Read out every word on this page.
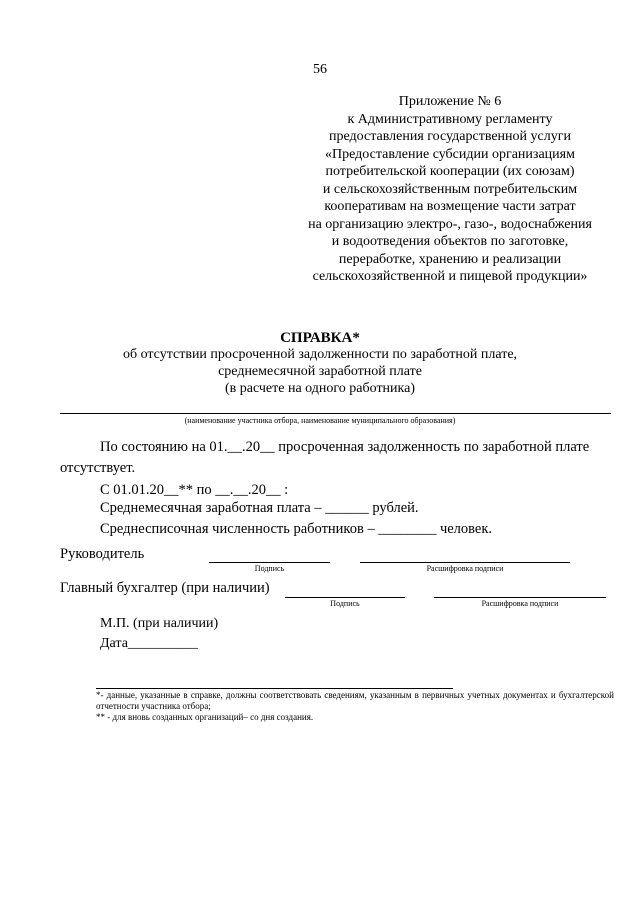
56
Приложение № 6
к Административному регламенту
предоставления государственной услуги
«Предоставление субсидии организациям
потребительской кооперации (их союзам)
и сельскохозяйственным потребительским
кооперативам на возмещение части затрат
на организацию электро-, газо-, водоснабжения
и водоотведения объектов по заготовке,
переработке, хранению и реализации
сельскохозяйственной и пищевой продукции»
СПРАВКА*
об отсутствии просроченной задолженности по заработной плате,
среднемесячной заработной плате
(в расчете на одного работника)
(наименование участника отбора, наименование муниципального образования)
По состоянию на 01.__.20__ просроченная задолженность по заработной плате
отсутствует.
С 01.01.20__** по __.__.20__ :
Среднемесячная заработная плата – ______ рублей.
Среднесписочная численность работников – ________ человек.
Руководитель
Подпись	Расшифровка подписи
Главный бухгалтер (при наличии)
Подпись	Расшифровка подписи
М.П. (при наличии)
Дата__________

*- данные, указанные в справке, должны соответствовать сведениям, указанным в первичных учетных документах и бухгалтерской отчетности участника отбора;

** - для вновь созданных организаций– со дня создания.
